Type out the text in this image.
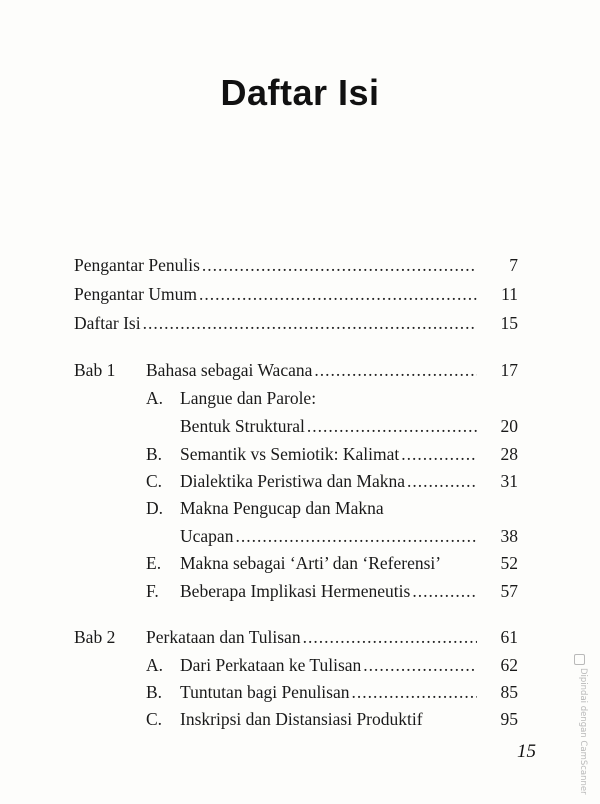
Daftar Isi
Pengantar Penulis .....	7
Pengantar Umum .....	11
Daftar Isi .....	15
Bab 1 Bahasa sebagai Wacana .....	17
A. Langue dan Parole:
Bentuk Struktural .....	20
B. Semantik vs Semiotik: Kalimat .....	28
C. Dialektika Peristiwa dan Makna .....	31
D. Makna Pengucap dan Makna
Ucapan .....	38
E. Makna sebagai ‘Arti’ dan ‘Referensi’	52
F. Beberapa Implikasi Hermeneutis .....	57
Bab 2 Perkataan dan Tulisan .....	61
A. Dari Perkataan ke Tulisan .....	62
B. Tuntutan bagi Penulisan .....	85
C. Inskripsi dan Distansiasi Produktif	95
15	Dipindai dengan CamScanner
